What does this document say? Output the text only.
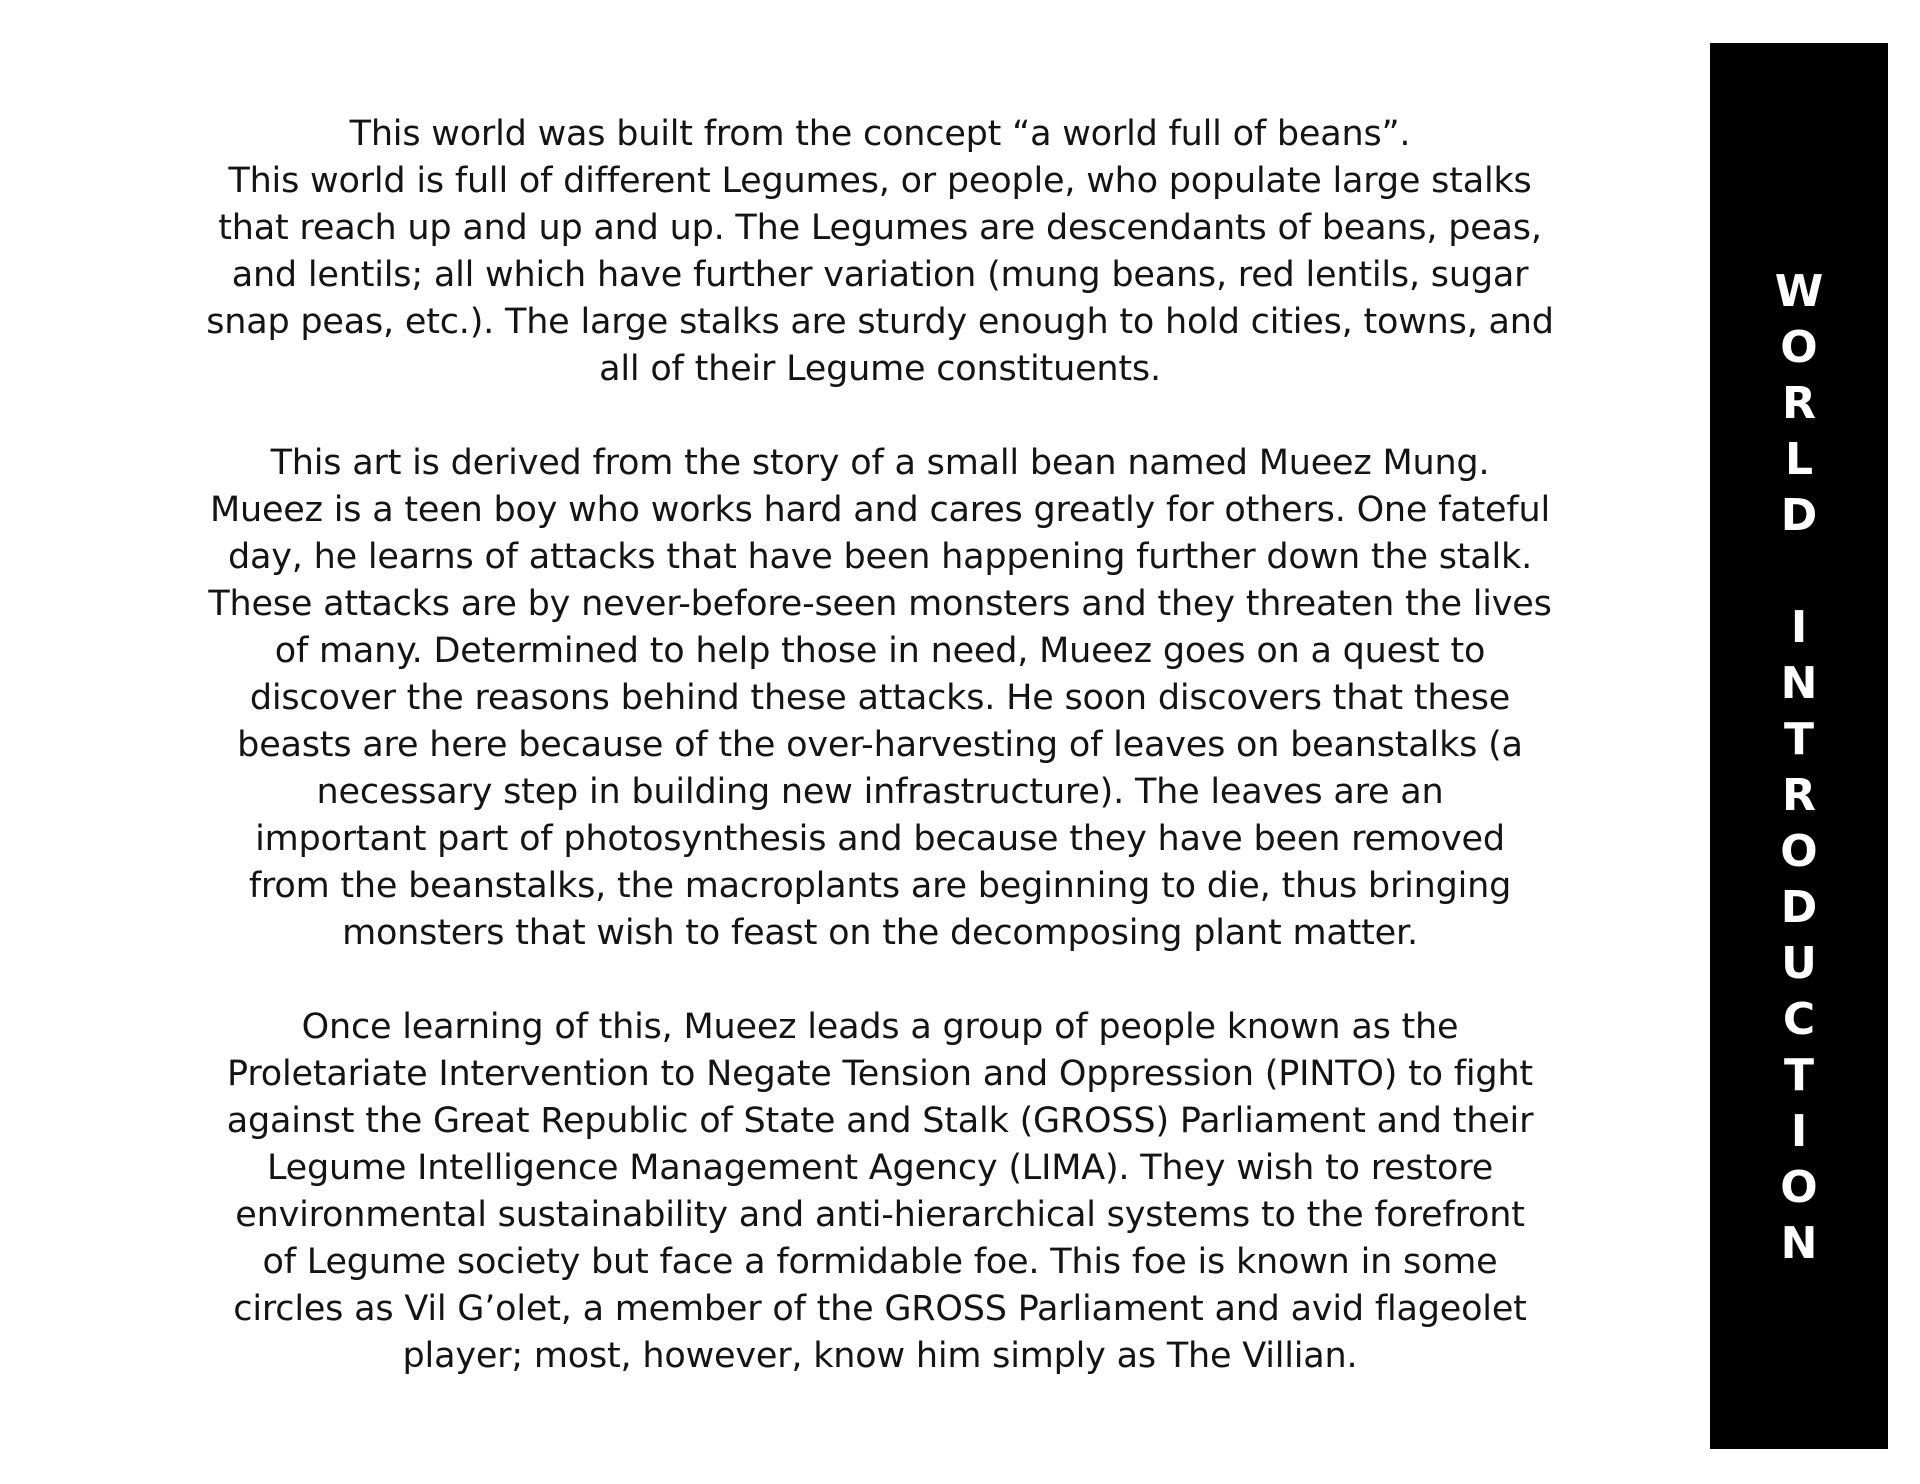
This world was built from the concept “a world full of beans”.
This world is full of different Legumes, or people, who populate large stalks
that reach up and up and up. The Legumes are descendants of beans, peas,
and lentils; all which have further variation (mung beans, red lentils, sugar
snap peas, etc.). The large stalks are sturdy enough to hold cities, towns, and
all of their Legume constituents.
This art is derived from the story of a small bean named Mueez Mung.
Mueez is a teen boy who works hard and cares greatly for others. One fateful
day, he learns of attacks that have been happening further down the stalk.
These attacks are by never-before-seen monsters and they threaten the lives
of many. Determined to help those in need, Mueez goes on a quest to
discover the reasons behind these attacks. He soon discovers that these
beasts are here because of the over-harvesting of leaves on beanstalks (a
necessary step in building new infrastructure). The leaves are an
important part of photosynthesis and because they have been removed
from the beanstalks, the macroplants are beginning to die, thus bringing
monsters that wish to feast on the decomposing plant matter.
Once learning of this, Mueez leads a group of people known as the
Proletariate Intervention to Negate Tension and Oppression (PINTO) to fight
against the Great Republic of State and Stalk (GROSS) Parliament and their
Legume Intelligence Management Agency (LIMA). They wish to restore
environmental sustainability and anti-hierarchical systems to the forefront
of Legume society but face a formidable foe. This foe is known in some
circles as Vil G’olet, a member of the GROSS Parliament and avid flageolet
player; most, however, know him simply as The Villian.
W
O
R
L
D
I
N
T
R
O
D
U
C
T
I
O
N
